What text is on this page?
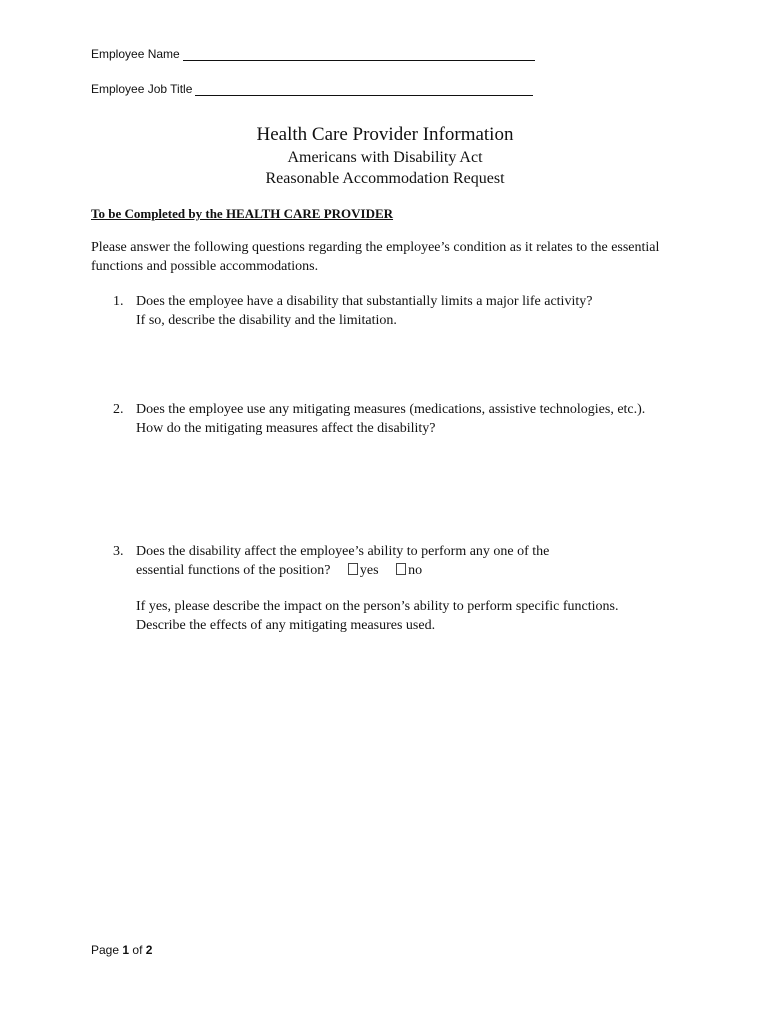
Employee Name
Employee Job Title
Health Care Provider Information
Americans with Disability Act
Reasonable Accommodation Request
To be Completed by the HEALTH CARE PROVIDER
Please answer the following questions regarding the employee’s condition as it relates to the essential functions and possible accommodations.
1. Does the employee have a disability that substantially limits a major life activity?
If so, describe the disability and the limitation.
2. Does the employee use any mitigating measures (medications, assistive technologies, etc.). How do the mitigating measures affect the disability?
3. Does the disability affect the employee’s ability to perform any one of the
essential functions of the position? yes no
If yes, please describe the impact on the person’s ability to perform specific functions. Describe the effects of any mitigating measures used.
Page 1 of 2
